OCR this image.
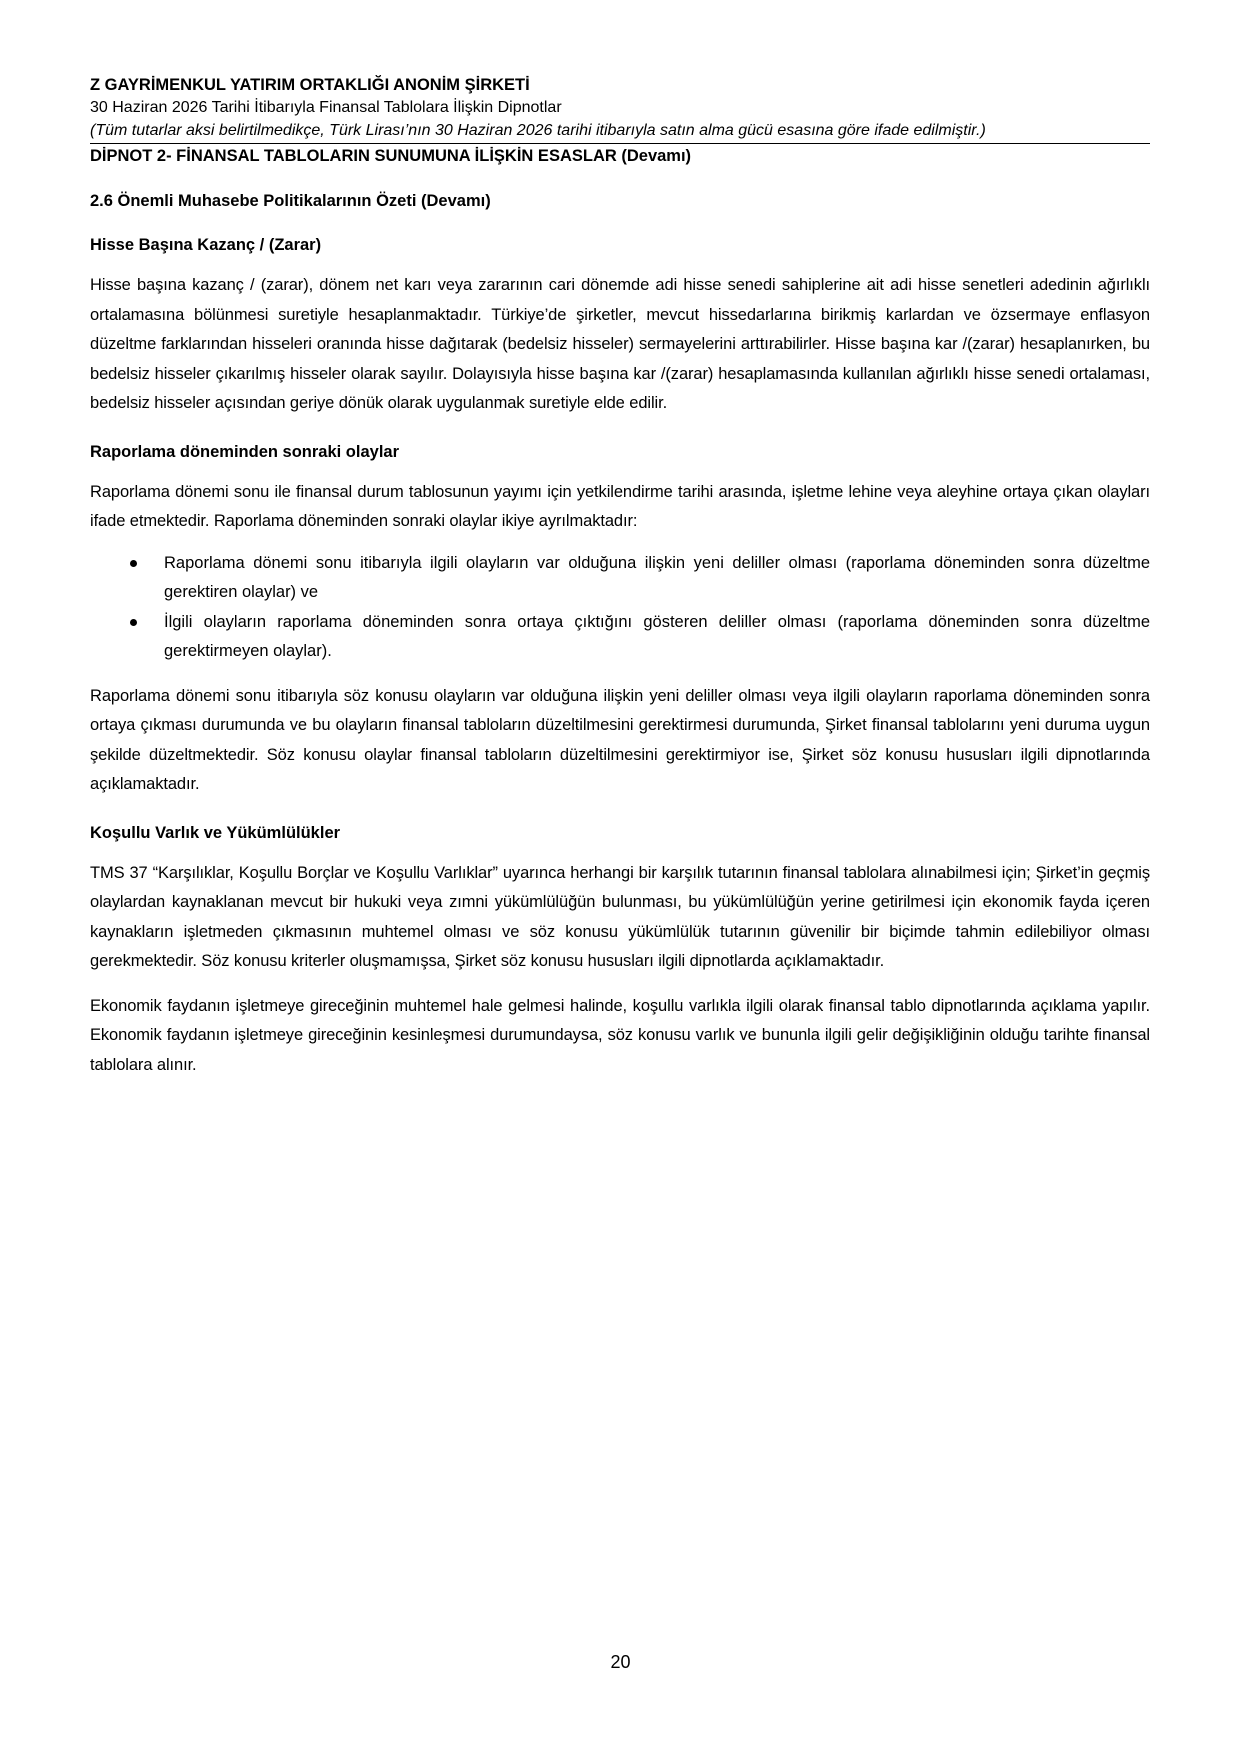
Z GAYRİMENKUL YATIRIM ORTAKLIĞI ANONİM ŞİRKETİ
30 Haziran 2026 Tarihi İtibarıyla Finansal Tablolara İlişkin Dipnotlar
(Tüm tutarlar aksi belirtilmedikçe, Türk Lirası’nın 30 Haziran 2026 tarihi itibarıyla satın alma gücü esasına göre ifade edilmiştir.)
DİPNOT 2- FİNANSAL TABLOLARIN SUNUMUNA İLİŞKİN ESASLAR (Devamı)
2.6 Önemli Muhasebe Politikalarının Özeti (Devamı)
Hisse Başına Kazanç / (Zarar)
Hisse başına kazanç / (zarar), dönem net karı veya zararının cari dönemde adi hisse senedi sahiplerine ait adi hisse senetleri adedinin ağırlıklı ortalamasına bölünmesi suretiyle hesaplanmaktadır. Türkiye’de şirketler, mevcut hissedarlarına birikmiş karlardan ve özsermaye enflasyon düzeltme farklarından hisseleri oranında hisse dağıtarak (bedelsiz hisseler) sermayelerini arttırabilirler. Hisse başına kar /(zarar) hesaplanırken, bu bedelsiz hisseler çıkarılmış hisseler olarak sayılır. Dolayısıyla hisse başına kar /(zarar) hesaplamasında kullanılan ağırlıklı hisse senedi ortalaması, bedelsiz hisseler açısından geriye dönük olarak uygulanmak suretiyle elde edilir.
Raporlama döneminden sonraki olaylar
Raporlama dönemi sonu ile finansal durum tablosunun yayımı için yetkilendirme tarihi arasında, işletme lehine veya aleyhine ortaya çıkan olayları ifade etmektedir. Raporlama döneminden sonraki olaylar ikiye ayrılmaktadır:
Raporlama dönemi sonu itibarıyla ilgili olayların var olduğuna ilişkin yeni deliller olması (raporlama döneminden sonra düzeltme gerektiren olaylar) ve
İlgili olayların raporlama döneminden sonra ortaya çıktığını gösteren deliller olması (raporlama döneminden sonra düzeltme gerektirmeyen olaylar).
Raporlama dönemi sonu itibarıyla söz konusu olayların var olduğuna ilişkin yeni deliller olması veya ilgili olayların raporlama döneminden sonra ortaya çıkması durumunda ve bu olayların finansal tabloların düzeltilmesini gerektirmesi durumunda, Şirket finansal tablolarını yeni duruma uygun şekilde düzeltmektedir. Söz konusu olaylar finansal tabloların düzeltilmesini gerektirmiyor ise, Şirket söz konusu hususları ilgili dipnotlarında açıklamaktadır.
Koşullu Varlık ve Yükümlülükler
TMS 37 “Karşılıklar, Koşullu Borçlar ve Koşullu Varlıklar” uyarınca herhangi bir karşılık tutarının finansal tablolara alınabilmesi için; Şirket’in geçmiş olaylardan kaynaklanan mevcut bir hukuki veya zımni yükümlülüğün bulunması, bu yükümlülüğün yerine getirilmesi için ekonomik fayda içeren kaynakların işletmeden çıkmasının muhtemel olması ve söz konusu yükümlülük tutarının güvenilir bir biçimde tahmin edilebiliyor olması gerekmektedir. Söz konusu kriterler oluşmamışsa, Şirket söz konusu hususları ilgili dipnotlarda açıklamaktadır.
Ekonomik faydanın işletmeye gireceğinin muhtemel hale gelmesi halinde, koşullu varlıkla ilgili olarak finansal tablo dipnotlarında açıklama yapılır. Ekonomik faydanın işletmeye gireceğinin kesinleşmesi durumundaysa, söz konusu varlık ve bununla ilgili gelir değişikliğinin olduğu tarihte finansal tablolara alınır.
20
